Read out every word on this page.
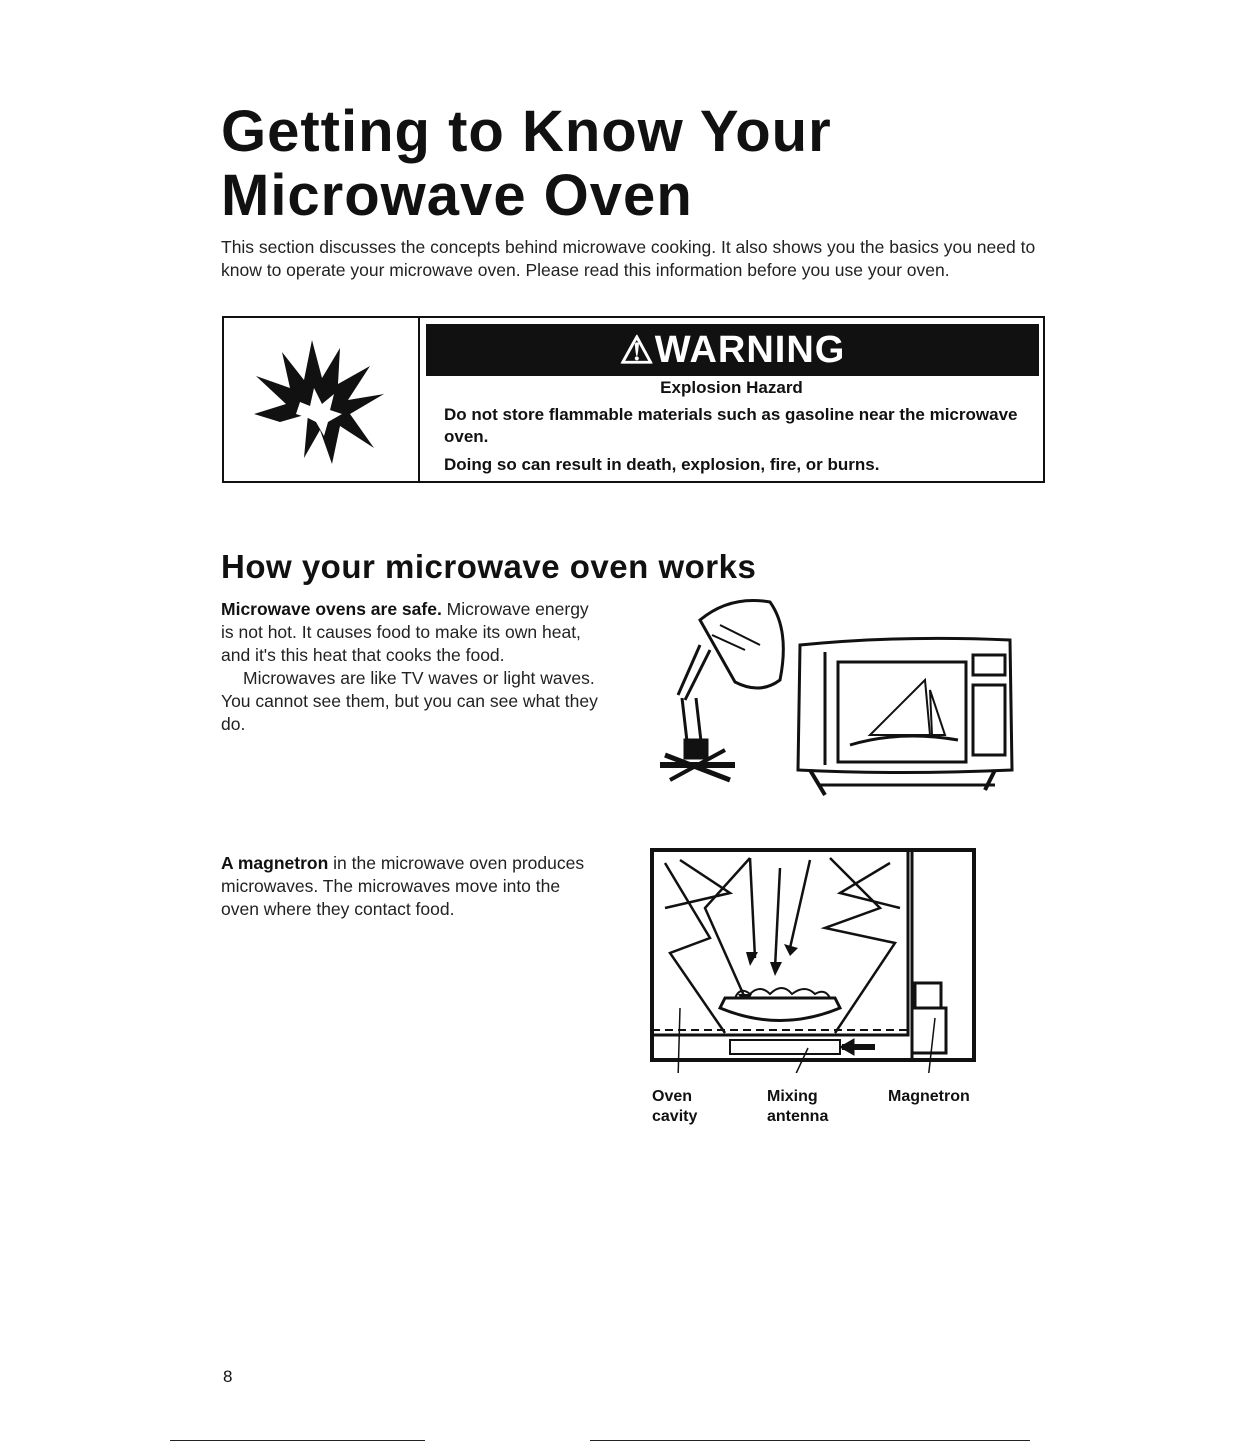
Getting to Know Your
Microwave Oven

This section discusses the concepts behind microwave cooking. It also shows you the basics you need to know to operate your microwave oven. Please read this information before you use your oven.

⚠ WARNING
Explosion Hazard
Do not store flammable materials such as gasoline near the microwave oven.
Doing so can result in death, explosion, fire, or burns.
How your microwave oven works

Microwave ovens are safe. Microwave energy is not hot. It causes food to make its own heat, and it's this heat that cooks the food.
Microwaves are like TV waves or light waves. You cannot see them, but you can see what they do.

A magnetron in the microwave oven produces microwaves. The microwaves move into the oven where they contact food.

Oven
cavity
Mixing
antenna
Magnetron
8
